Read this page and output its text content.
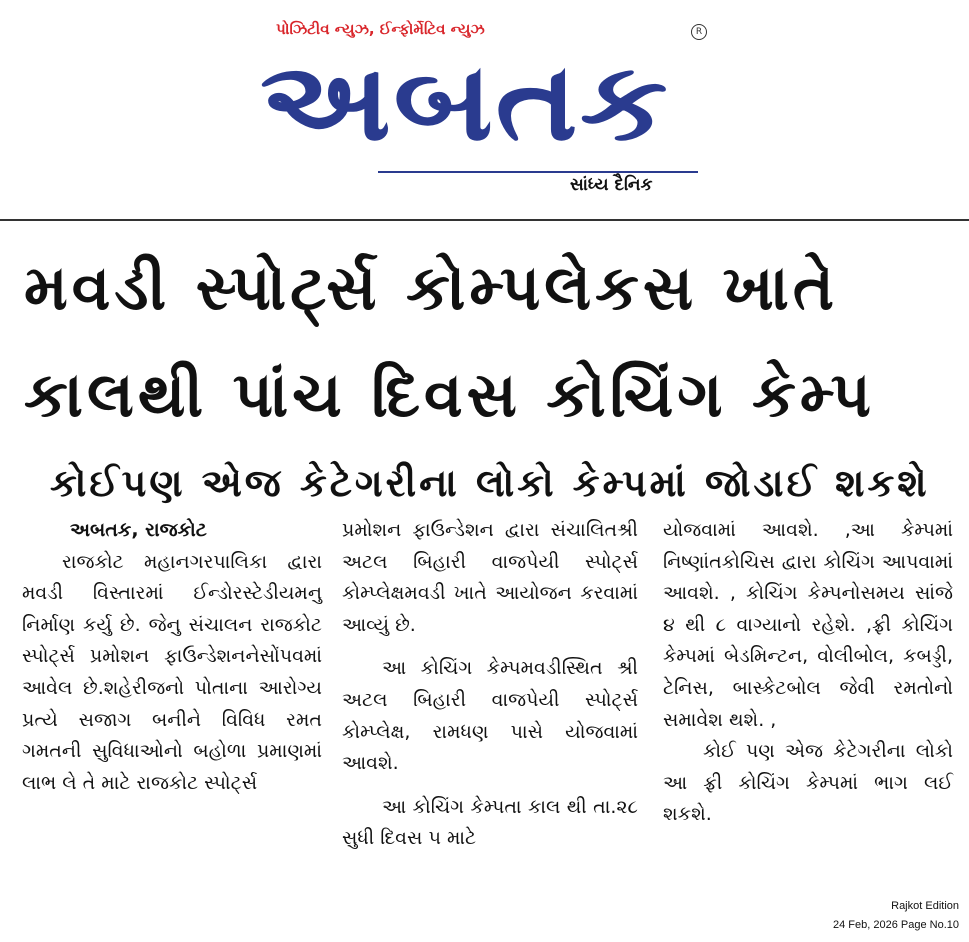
પોઝિટીવ ન્યુઝ, ઈન્ફોર્મેટિવ ન્યુઝ	R
અબતક
સાંધ્ય દૈનિક
મવડી સ્પોર્ટ્સ કોમ્પલેકસ ખાતે
કાલથી પાંચ દિવસ કોચિંગ કેમ્પ
કોઈપણ એજ કેટેગરીના લોકો કેમ્પમાં જોડાઈ શકશે

અબતક, રાજકોટ

રાજકોટ મહાનગરપાલિકા દ્વારા મવડી વિસ્તારમાં ઈન્ડોરસ્ટેડીયમનુ નિર્માણ કર્યુ છે. જેનુ સંચાલન રાજકોટ સ્પોર્ટ્સ પ્રમોશન ફાઉન્ડેશનનેસોંપવમાં આવેલ છે.શહેરીજનો પોતાના આરોગ્ય પ્રત્યે સજાગ બનીને વિવિધ રમત ગમતની સુવિધાઓનો બહોળા પ્રમાણમાં લાભ લે તે માટે રાજકોટ સ્પોર્ટ્સ

પ્રમોશન ફાઉન્ડેશન દ્વારા સંચાલિતશ્રી અટલ બિહારી વાજપેયી સ્પોર્ટ્સ કોમ્પ્લેક્ષમવડી ખાતે આયોજન કરવામાં આવ્યું છે.

આ કોચિંગ કેમ્પમવડીસ્થિત શ્રી અટલ બિહારી વાજપેયી સ્પોર્ટ્સ કોમ્પ્લેક્ષ, રામધણ પાસે યોજવામાં આવશે.

આ કોચિંગ કેમ્પતા કાલ થી તા.૨૮ સુધી દિવસ ૫ માટે

યોજવામાં આવશે. ,આ કેમ્પમાં નિષ્ણાંતકોચિસ દ્વારા કોચિંગ આપવામાં આવશે. , કોચિંગ કેમ્પનોસમય સાંજે ૪ થી ૮ વાગ્યાનો રહેશે. ,ફ્રી કોચિંગ કેમ્પમાં બેડમિન્ટન, વોલીબોલ, કબડ્ડી, ટેનિસ, બાસ્કેટબોલ જેવી રમતોનો સમાવેશ થશે. ,

કોઈ પણ એજ કેટેગરીના લોકો આ ફ્રી કોચિંગ કેમ્પમાં ભાગ લઈ શકશે.

Rajkot Edition
24 Feb, 2026 Page No.10
